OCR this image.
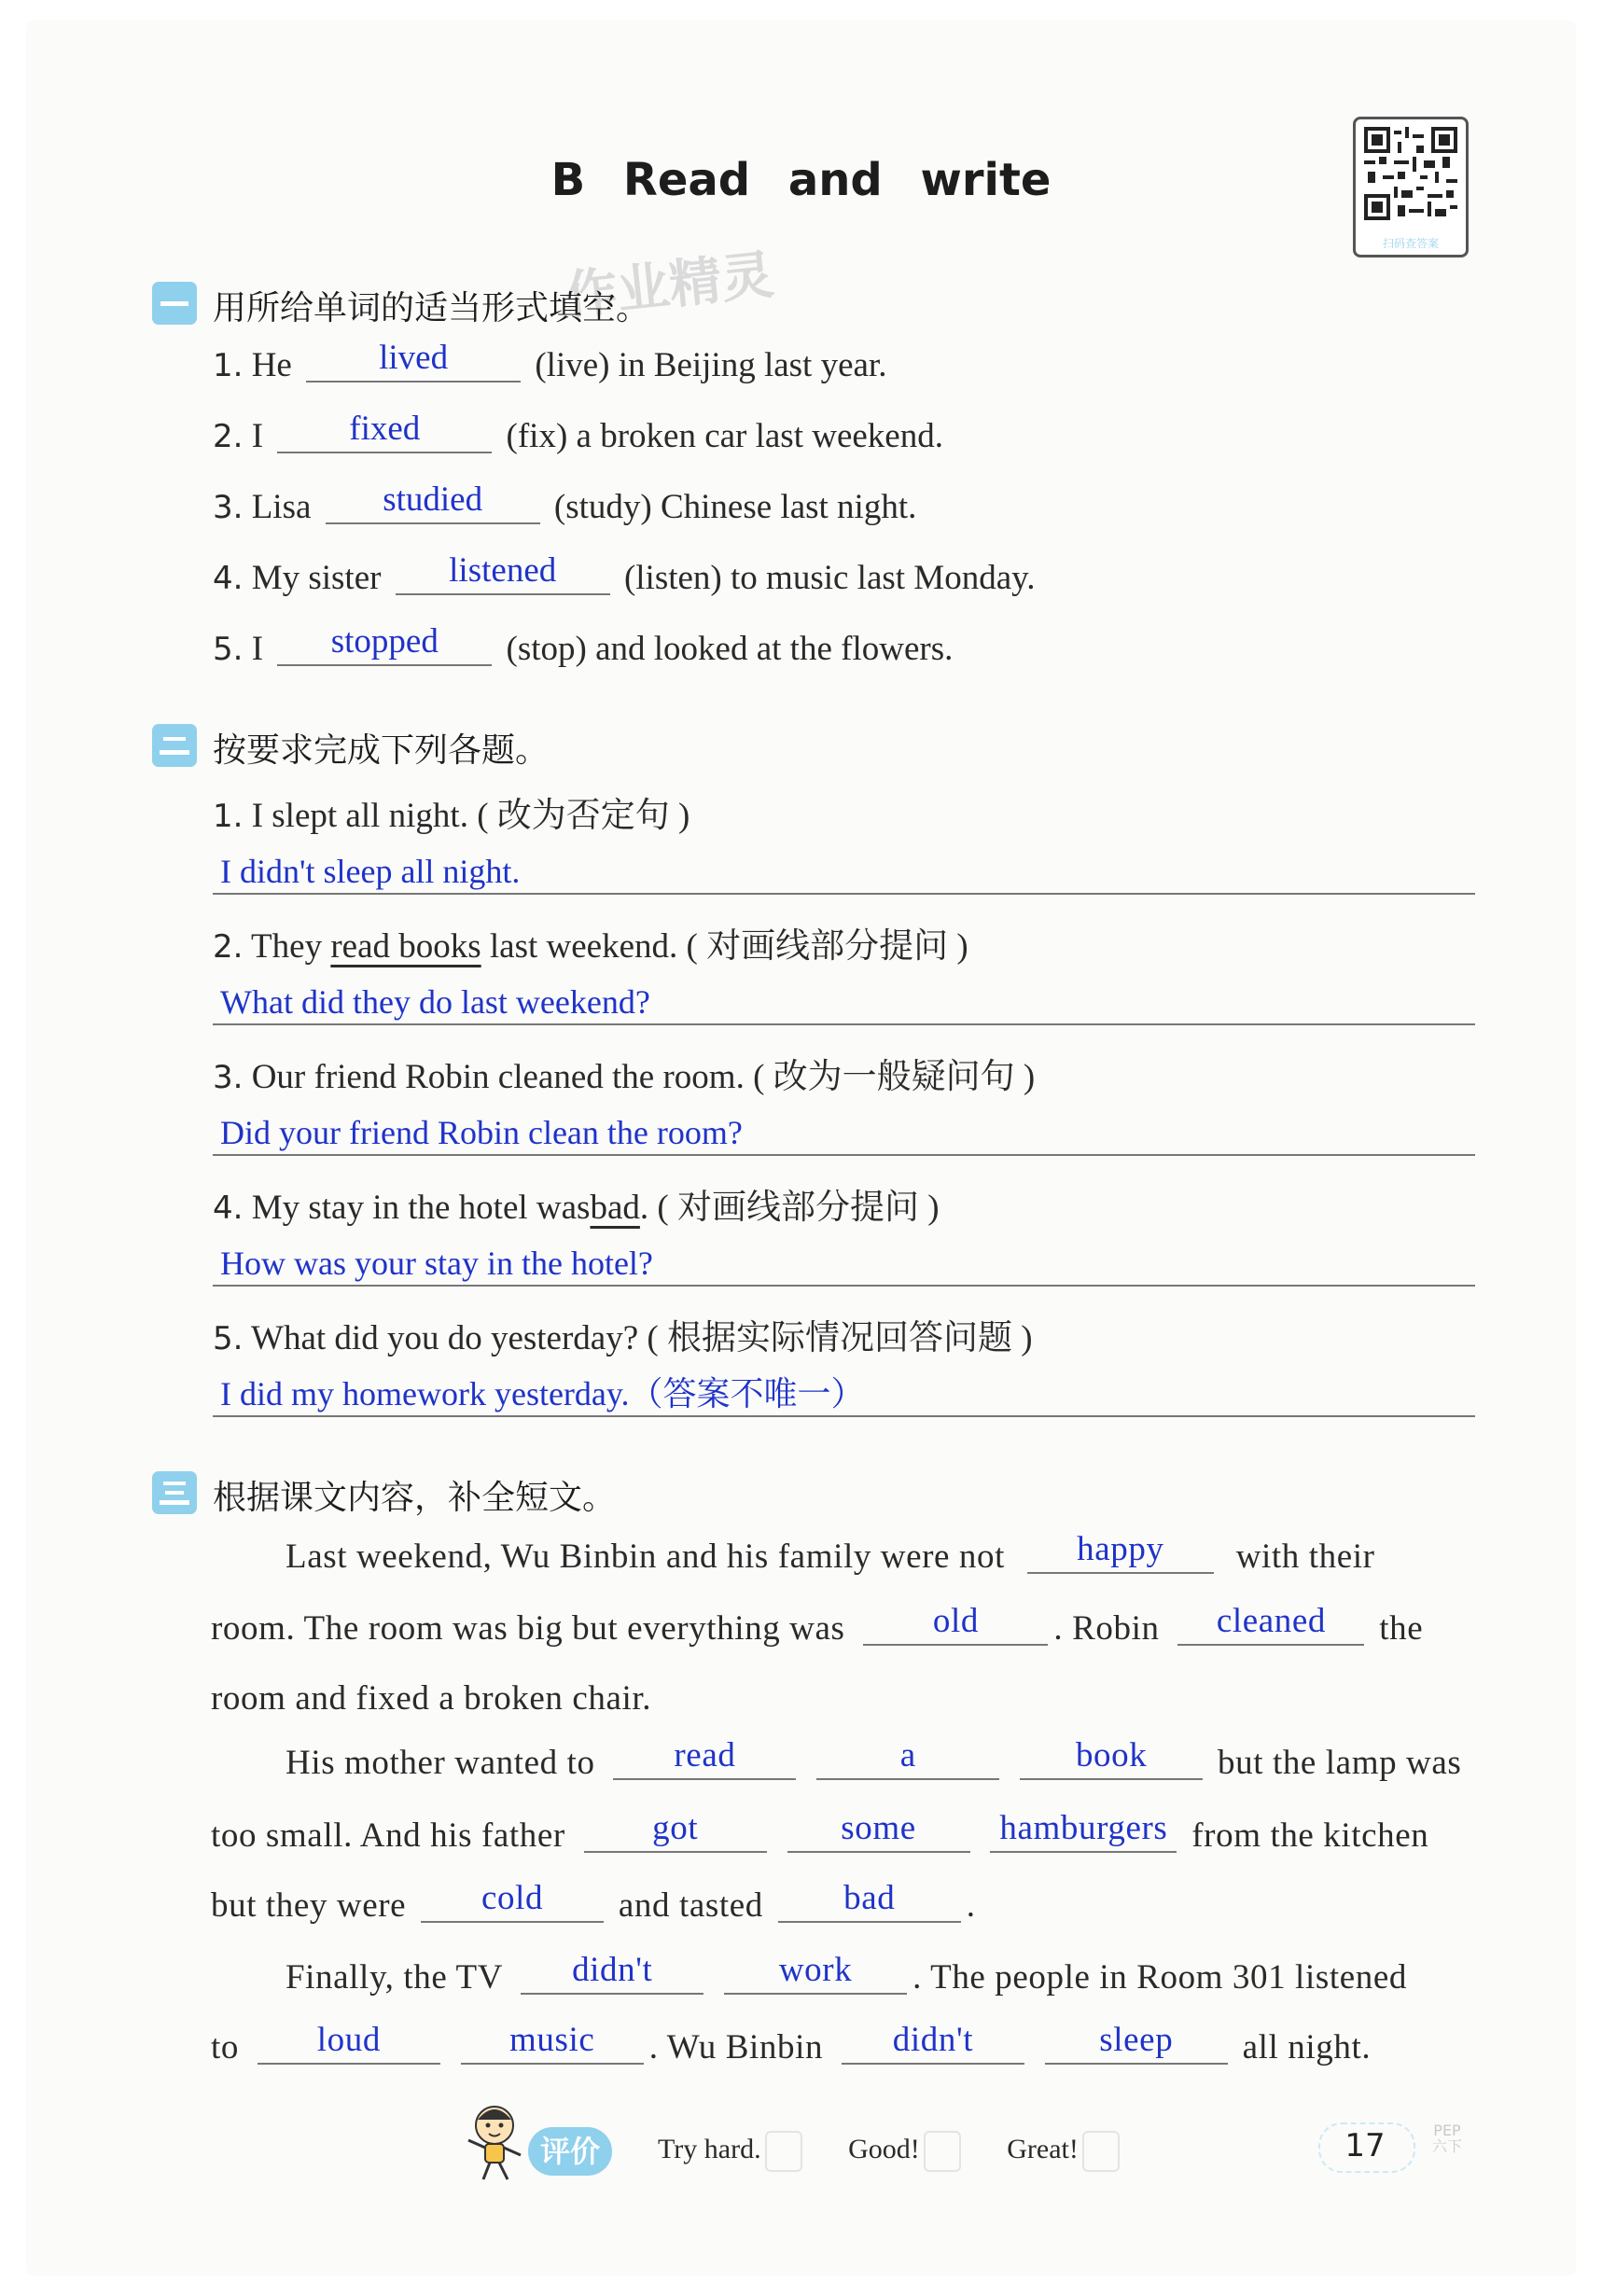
B Read and write
扫码查答案
作业精灵
用所给单词的适当形式填空。
1. He	lived	(live) in Beijing last year.
2. I fixed (fix) a broken car last weekend.
3. Lisa studied (study) Chinese last night.
4. My sister listened (listen) to music last Monday.
5. I stopped (stop) and looked at the flowers.
按要求完成下列各题。
1. I slept all night. ( 改为否定句 )
I didn't sleep all night.
2. They read books last weekend. ( 对画线部分提问 )
What did they do last weekend?
3. Our friend Robin cleaned the room. ( 改为一般疑问句 )
Did your friend Robin clean the room?
4. My stay in the hotel wasbad. ( 对画线部分提问 )
How was your stay in the hotel?
5. What did you do yesterday? ( 根据实际情况回答问题 )
I did my homework yesterday.（答案不唯一）
根据课文内容，补全短文。
Last weekend, Wu Binbin and his family were not happy with their
room. The room was big but everything was	old . Robin cleaned the
room and fixed a broken chair.
His mother wanted to read	a	book but the lamp was
too small. And his father	got	some hamburgers from the kitchen
but they were cold and tasted bad .
Finally, the TV didn't	work . The people in Room 301 listened
to loud	music . Wu Binbin didn't	sleep all night.
评价	Try hard.	Good!	Great!	17	PEP
六下
